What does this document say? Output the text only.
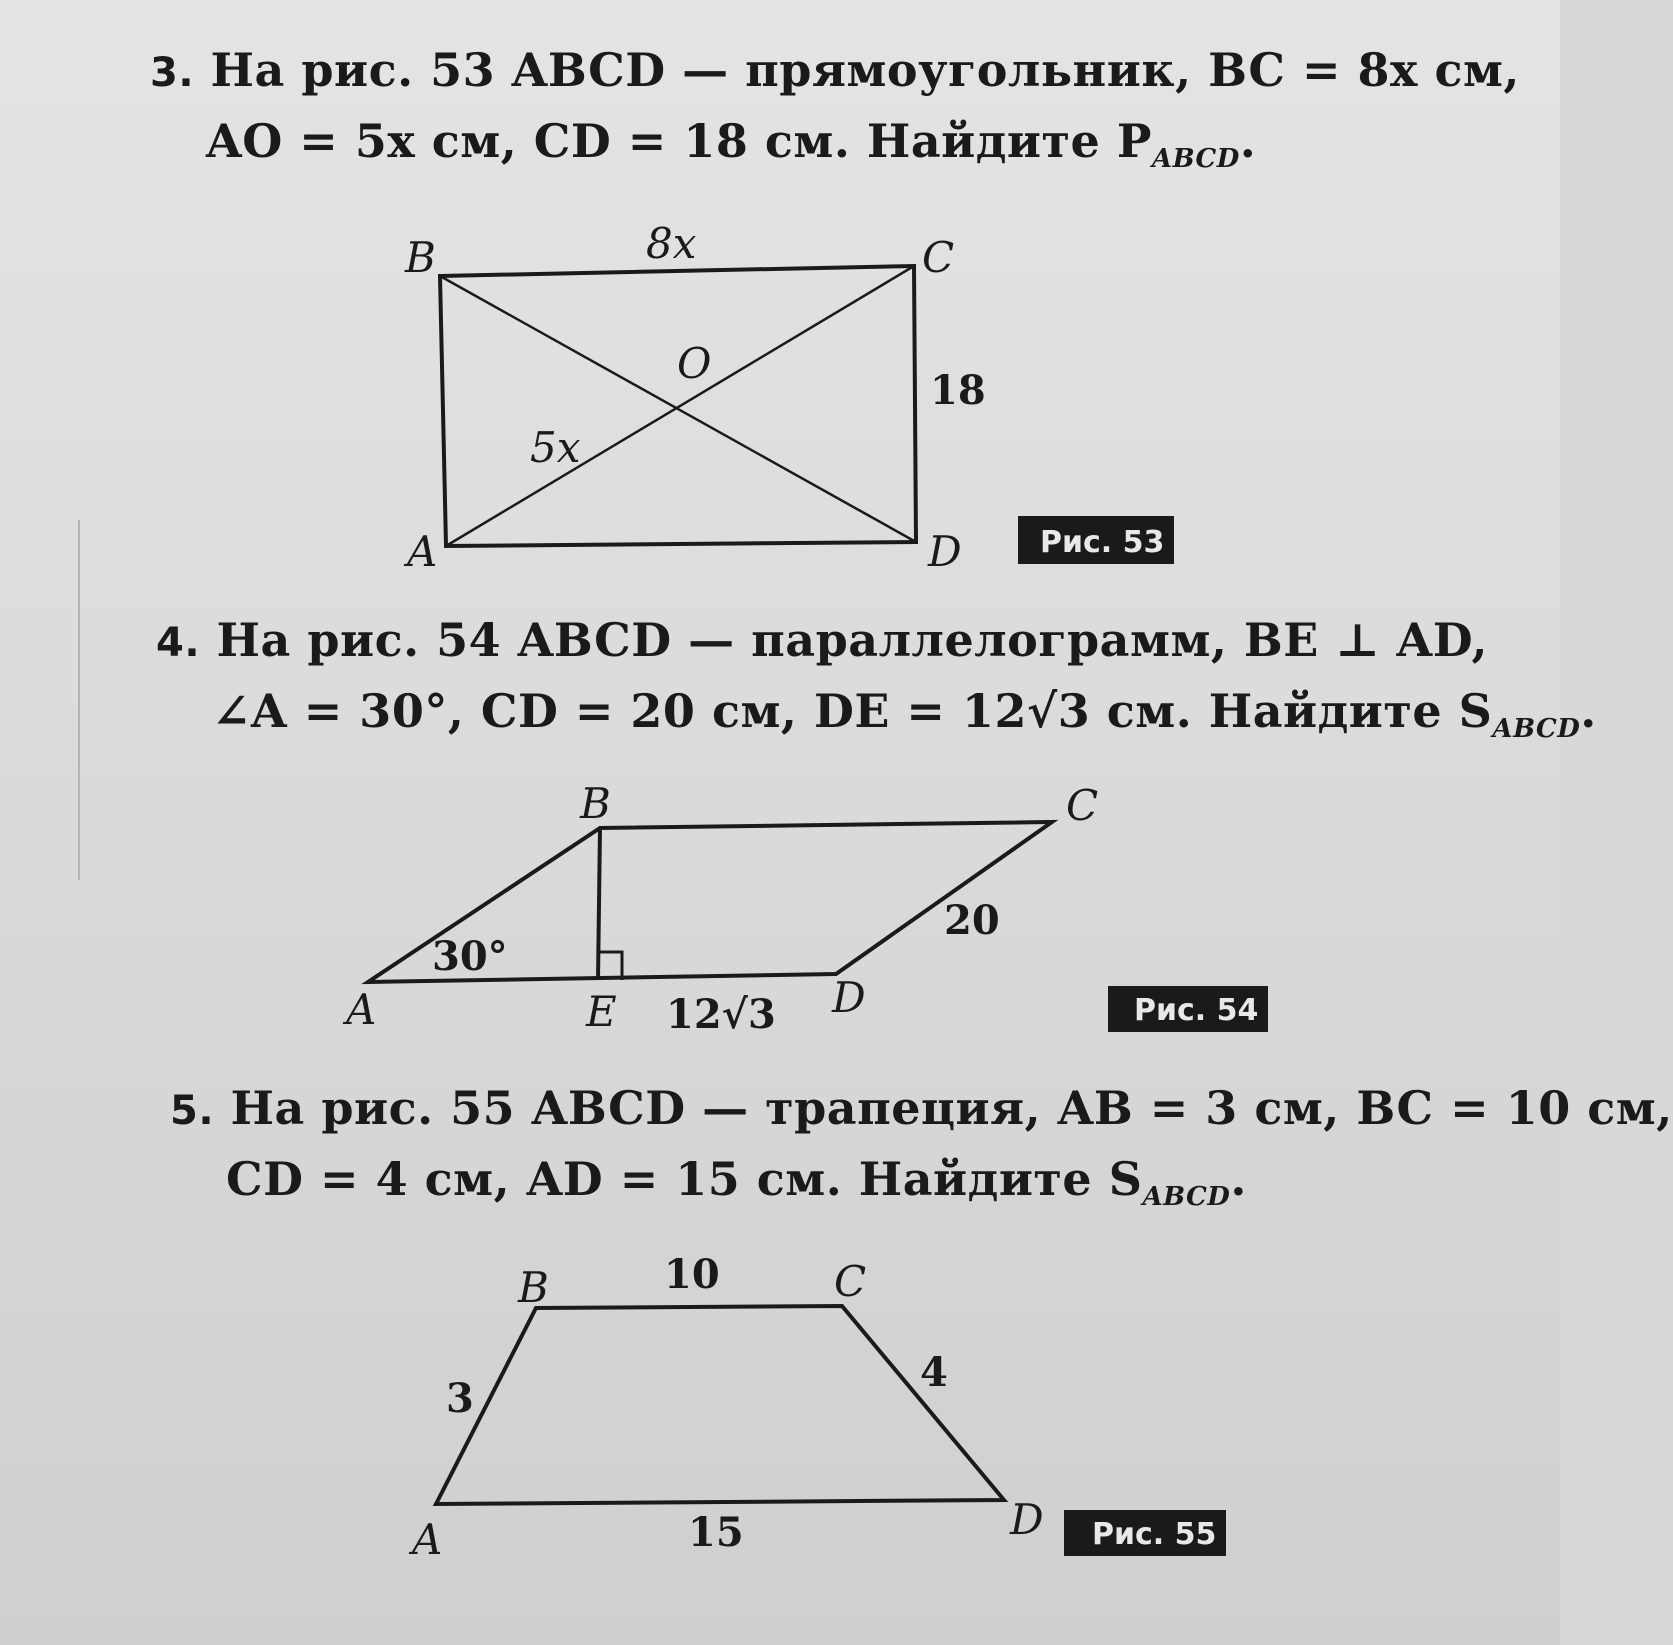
3. На рис. 53 ABCD — прямоугольник, BC = 8x см,
AO = 5x см, CD = 18 см. Найдите $P_{ABCD}$.
B	C
A	D
O
8x
18
5x
Рис. 53
B	C
A	E	D
30°
20
12√3	Рис. 54
B	C
A	D
10
3
4
15	Рис. 55
4. На рис. 54 ABCD — параллелограмм, BE ⊥ AD,
∠A = 30°, CD = 20 см, DE = 12√3 см. Найдите $S_{ABCD}$.
5. На рис. 55 ABCD — трапеция, AB = 3 см, BC = 10 см,
CD = 4 см, AD = 15 см. Найдите $S_{ABCD}$.
